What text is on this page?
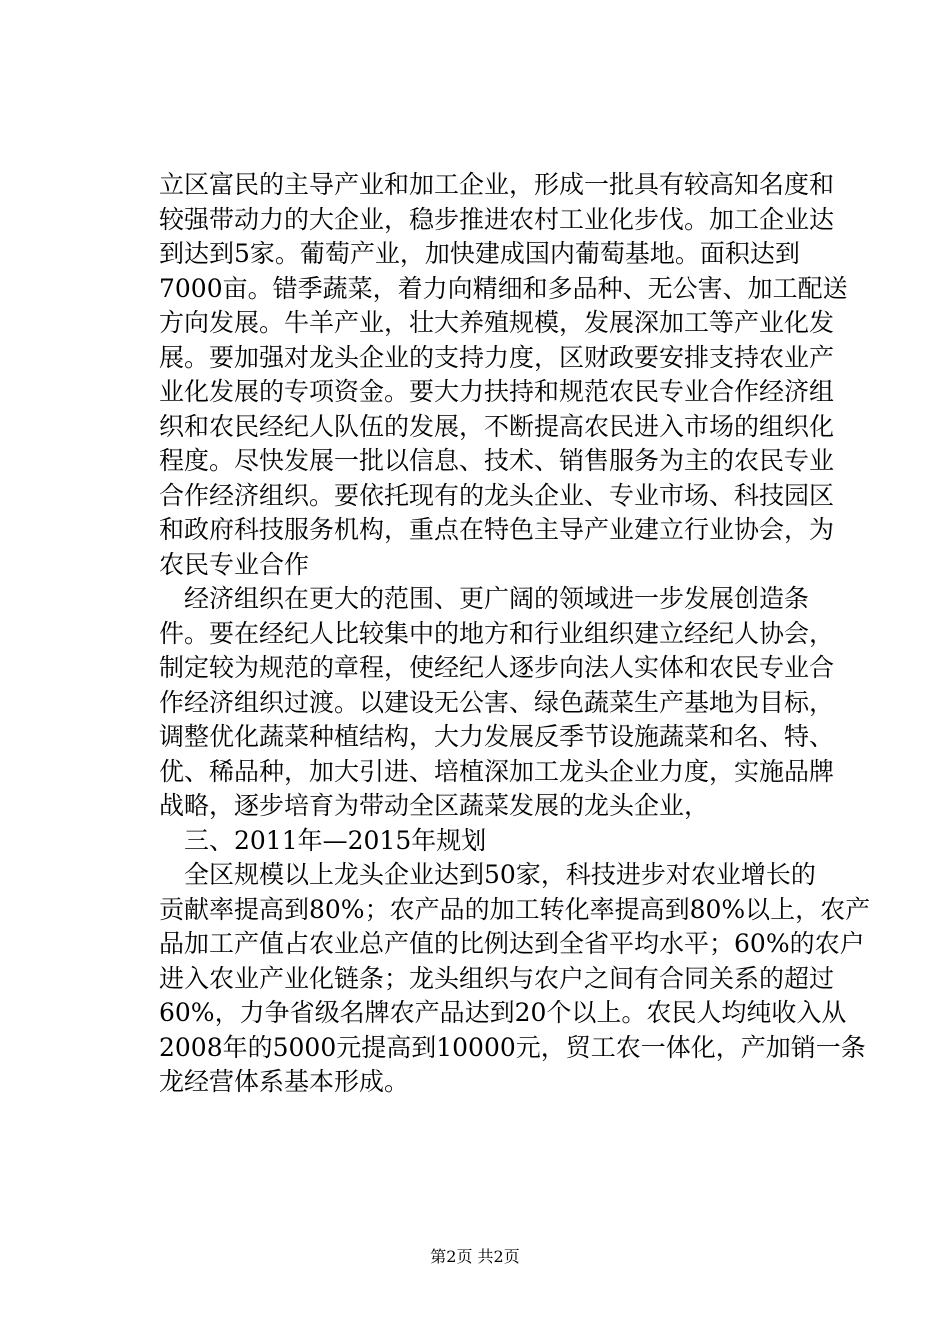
立区富民的主导产业和加工企业，形成一批具有较高知名度和
较强带动力的大企业，稳步推进农村工业化步伐。加工企业达
到达到5家。葡萄产业，加快建成国内葡萄基地。面积达到
7000亩。错季蔬菜，着力向精细和多品种、无公害、加工配送
方向发展。牛羊产业，壮大养殖规模，发展深加工等产业化发
展。要加强对龙头企业的支持力度，区财政要安排支持农业产
业化发展的专项资金。要大力扶持和规范农民专业合作经济组
织和农民经纪人队伍的发展，不断提高农民进入市场的组织化
程度。尽快发展一批以信息、技术、销售服务为主的农民专业
合作经济组织。要依托现有的龙头企业、专业市场、科技园区
和政府科技服务机构，重点在特色主导产业建立行业协会，为
农民专业合作
经济组织在更大的范围、更广阔的领域进一步发展创造条
件。要在经纪人比较集中的地方和行业组织建立经纪人协会，
制定较为规范的章程，使经纪人逐步向法人实体和农民专业合
作经济组织过渡。以建设无公害、绿色蔬菜生产基地为目标，
调整优化蔬菜种植结构，大力发展反季节设施蔬菜和名、特、
优、稀品种，加大引进、培植深加工龙头企业力度，实施品牌
战略，逐步培育为带动全区蔬菜发展的龙头企业，
三、2011年—2015年规划
全区规模以上龙头企业达到50家，科技进步对农业增长的
贡献率提高到80%；农产品的加工转化率提高到80%以上，农产
品加工产值占农业总产值的比例达到全省平均水平；60%的农户
进入农业产业化链条；龙头组织与农户之间有合同关系的超过
60%，力争省级名牌农产品达到20个以上。农民人均纯收入从
2008年的5000元提高到10000元，贸工农一体化，产加销一条
龙经营体系基本形成。
第2页 共2页
